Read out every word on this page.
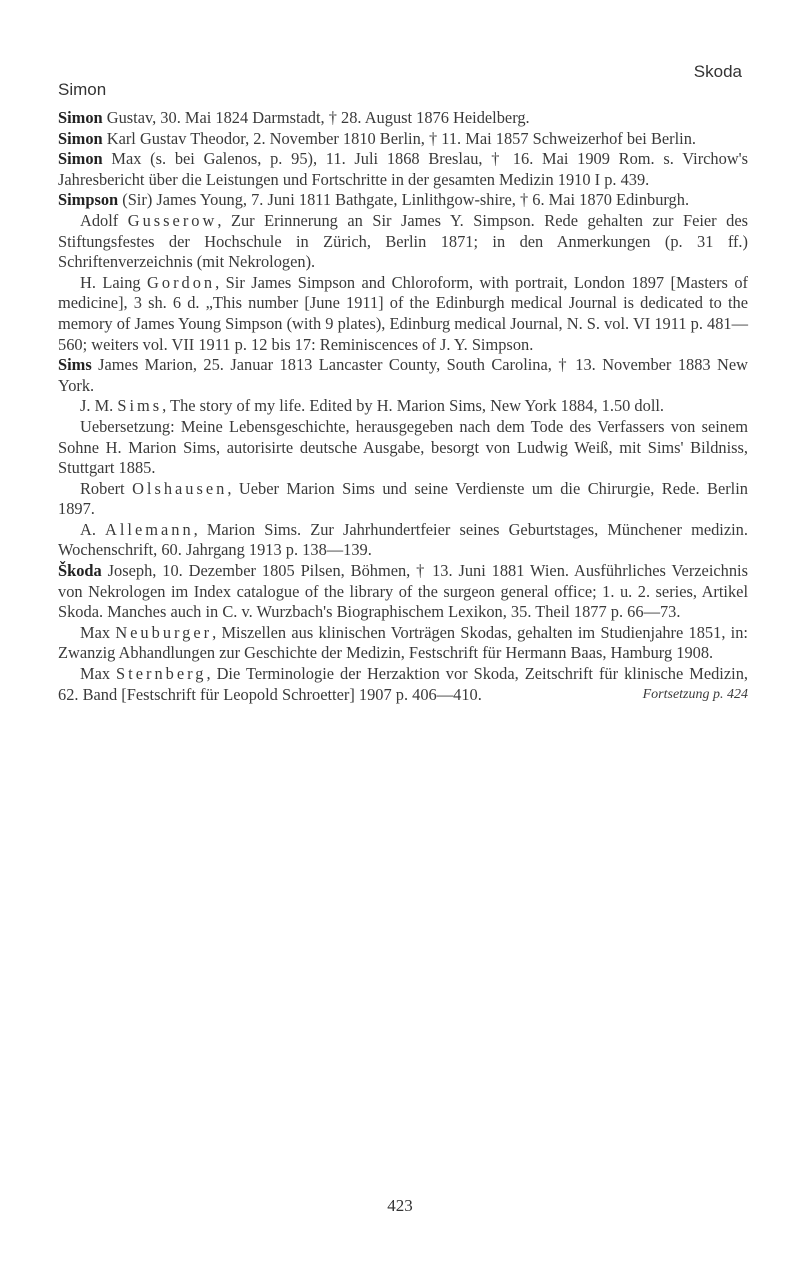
Simon
Skoda

Simon Gustav, 30. Mai 1824 Darmstadt, † 28. August 1876 Heidelberg.

Simon Karl Gustav Theodor, 2. November 1810 Berlin, † 11. Mai 1857 Schweizerhof bei Berlin.

Simon Max (s. bei Galenos, p. 95), 11. Juli 1868 Breslau, † 16. Mai 1909 Rom. s. Virchow's Jahresbericht über die Leistungen und Fortschritte in der gesamten Medizin 1910 I p. 439.

Simpson (Sir) James Young, 7. Juni 1811 Bathgate, Linlithgow-shire, † 6. Mai 1870 Edinburgh.

Adolf Gusserow, Zur Erinnerung an Sir James Y. Simpson. Rede gehalten zur Feier des Stiftungsfestes der Hochschule in Zürich, Berlin 1871; in den Anmerkungen (p. 31 ff.) Schriftenverzeichnis (mit Nekrologen).

H. Laing Gordon, Sir James Simpson and Chloroform, with portrait, London 1897 [Masters of medicine], 3 sh. 6 d. „This number [June 1911] of the Edinburgh medical Journal is dedicated to the memory of James Young Simpson (with 9 plates), Edinburg medical Journal, N. S. vol. VI 1911 p. 481—560; weiters vol. VII 1911 p. 12 bis 17: Reminiscences of J. Y. Simpson.

Sims James Marion, 25. Januar 1813 Lancaster County, South Carolina, † 13. November 1883 New York.

J. M. Sims, The story of my life. Edited by H. Marion Sims, New York 1884, 1.50 doll.

Uebersetzung: Meine Lebensgeschichte, herausgegeben nach dem Tode des Verfassers von seinem Sohne H. Marion Sims, autorisirte deutsche Ausgabe, besorgt von Ludwig Weiß, mit Sims' Bildniss, Stuttgart 1885.

Robert Olshausen, Ueber Marion Sims und seine Verdienste um die Chirurgie, Rede. Berlin 1897.

A. Allemann, Marion Sims. Zur Jahrhundertfeier seines Geburtstages, Münchener medizin. Wochenschrift, 60. Jahrgang 1913 p. 138—139.

Škoda Joseph, 10. Dezember 1805 Pilsen, Böhmen, † 13. Juni 1881 Wien. Ausführliches Verzeichnis von Nekrologen im Index catalogue of the library of the surgeon general office; 1. u. 2. series, Artikel Skoda. Manches auch in C. v. Wurzbach's Biographischem Lexikon, 35. Theil 1877 p. 66—73.

Max Neuburger, Miszellen aus klinischen Vorträgen Skodas, gehalten im Studienjahre 1851, in: Zwanzig Abhandlungen zur Geschichte der Medizin, Festschrift für Hermann Baas, Hamburg 1908.

Max Sternberg, Die Terminologie der Herzaktion vor Skoda, Zeitschrift für klinische Medizin, 62. Band [Festschrift für Leopold Schroetter] 1907 p. 406—410.	Fortsetzung p. 424

423
